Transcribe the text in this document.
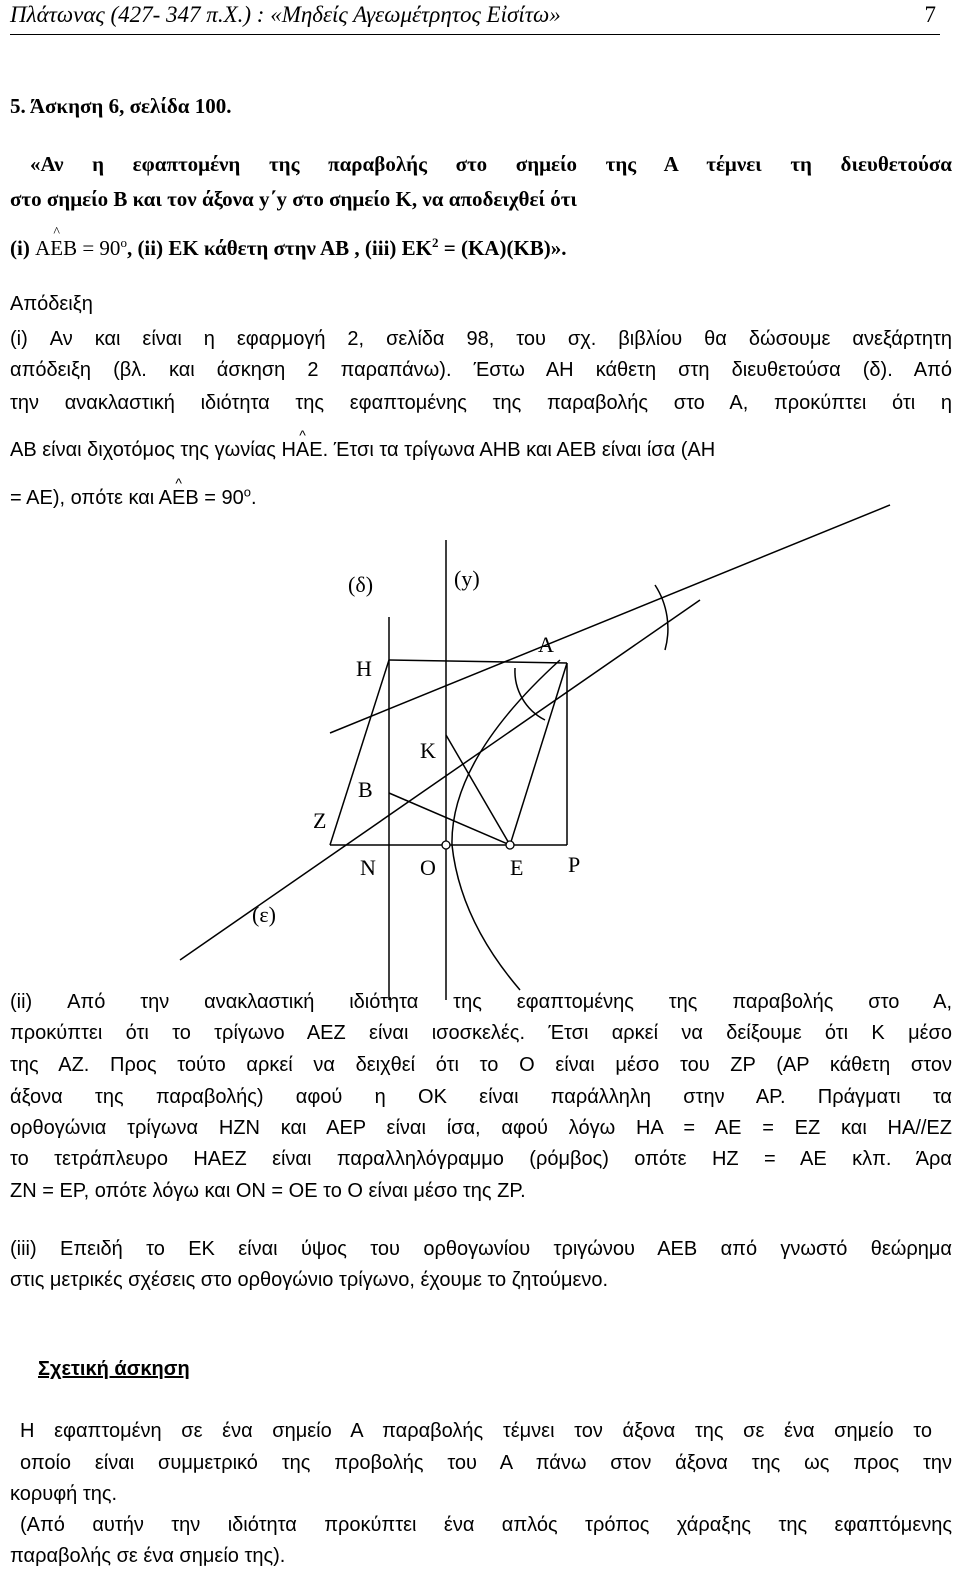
Πλάτωνας (427- 347 π.Χ.) : «Μηδείς Αγεωμέτρητος Εἰσίτω»	7
5. Άσκηση 6, σελίδα 100.
«Αν η εφαπτομένη της παραβολής στο σημείο της Α τέμνει τη διευθετούσα
στο σημείο Β και τον άξονα y΄y στο σημείο Κ, να αποδειχθεί ότι
(i) Α^ $EB = 90^o$, (ii) ΕΚ κάθετη στην ΑΒ , (iii) $EK^2 = (KA)(KB)$».
Απόδειξη
(i) Αν και είναι η εφαρμογή 2, σελίδα 98, του σχ. βιβλίου θα δώσουμε ανεξάρτητη
απόδειξη (βλ. και άσκηση 2 παραπάνω). Έστω ΑΗ κάθετη στη διευθετούσα (δ). Από
την ανακλαστική ιδιότητα της εφαπτομένης της παραβολής στο Α, προκύπτει ότι η
ΑΒ είναι διχοτόμος της γωνίας Η^ ΑΕ. Έτσι τα τρίγωνα ΑΗΒ και ΑΕΒ είναι ίσα (ΑΗ
= ΑΕ), οπότε και Α^ $EB = 90^o$.
(δ)	(y)
Α
Η
Κ
Β
Ζ
Ν Ο	Ε Ρ
(ε)
(ii) Από την ανακλαστική ιδιότητα της εφαπτομένης της παραβολής στο Α,
προκύπτει ότι το τρίγωνο ΑΕΖ είναι ισοσκελές. Έτσι αρκεί να δείξουμε ότι Κ μέσο
της ΑΖ. Προς τούτο αρκεί να δειχθεί ότι το Ο είναι μέσο του ΖΡ (ΑΡ κάθετη στον
άξονα της παραβολής) αφού η ΟΚ είναι παράλληλη στην ΑΡ. Πράγματι τα
ορθογώνια τρίγωνα ΗΖΝ και ΑΕΡ είναι ίσα, αφού λόγω ΗΑ = ΑΕ = ΕΖ και ΗΑ//ΕΖ
το τετράπλευρο ΗΑΕΖ είναι παραλληλόγραμμο (ρόμβος) οπότε ΗΖ = ΑΕ κλπ. Άρα
ΖΝ = ΕΡ, οπότε λόγω και ΟΝ = ΟΕ το Ο είναι μέσο της ΖΡ.
(iii) Επειδή το ΕΚ είναι ύψος του ορθογωνίου τριγώνου ΑΕΒ από γνωστό θεώρημα
στις μετρικές σχέσεις στο ορθογώνιο τρίγωνο, έχουμε το ζητούμενο.
Σχετική άσκηση
Η εφαπτομένη σε ένα σημείο Α παραβολής τέμνει τον άξονα της σε ένα σημείο το
οποίο είναι συμμετρικό της προβολής του Α πάνω στον άξονα της ως προς την
κορυφή της.
(Από αυτήν την ιδιότητα προκύπτει ένα απλός τρόπος χάραξης της εφαπτόμενης
παραβολής σε ένα σημείο της).
